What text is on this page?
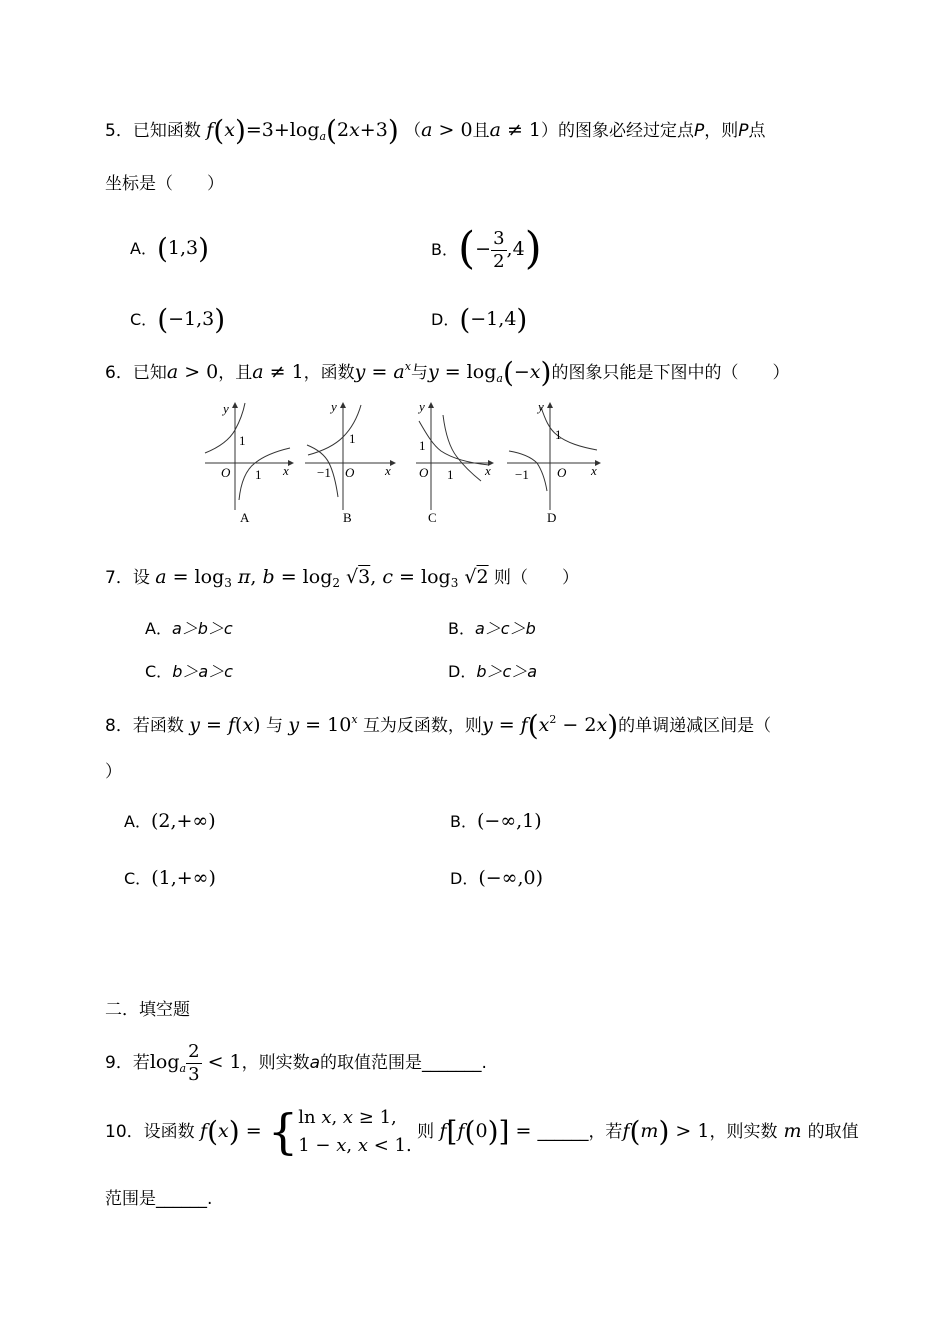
5．已知函数 $f(x)=3+\log_a(2x+3) (a > 0$且a ≠ 1）的图象必经过定点P，则P点
坐标是（　　）
A．(1,3)	B．(− $\frac{3}{2} ,4$)
C．(−1,3)	D．(−1,4)
6．已知a > 0，且a ≠ 1，函数$y = a^x$与$y = \log_a(-x)$的图象只能是下图中的（　　）
y
x
O
1
1
A
y
x
O
1
−1
B
y
x
O
1
1
C
y
x
O
1
−1
D
7．设 $a = \log_3 \pi$, $b = \log_2 √3$, $c = \log_3 √2$ 则（　　）
A．a＞b＞c	B．a＞c＞b
C．b＞a＞c	D．b＞c＞a
8．若函数 y = f(x) 与 $y = 10^x$ 互为反函数，则$y = f(x^2 - 2x)$的单调递减区间是（
）
A．(2,+∞)	B．(−∞,1)
C．(1,+∞)	D．(−∞,0)
二．填空题
9．若$\log_a \frac{2}{3} < 1$，则实数a的取值范围是_______.
10．设函数 f(x) = { ln x, x ≥ 1,
1 − x, x < 1.
则 f[f(0)] = ______，若f(m) > 1，则实数 m 的取值
范围是______.
